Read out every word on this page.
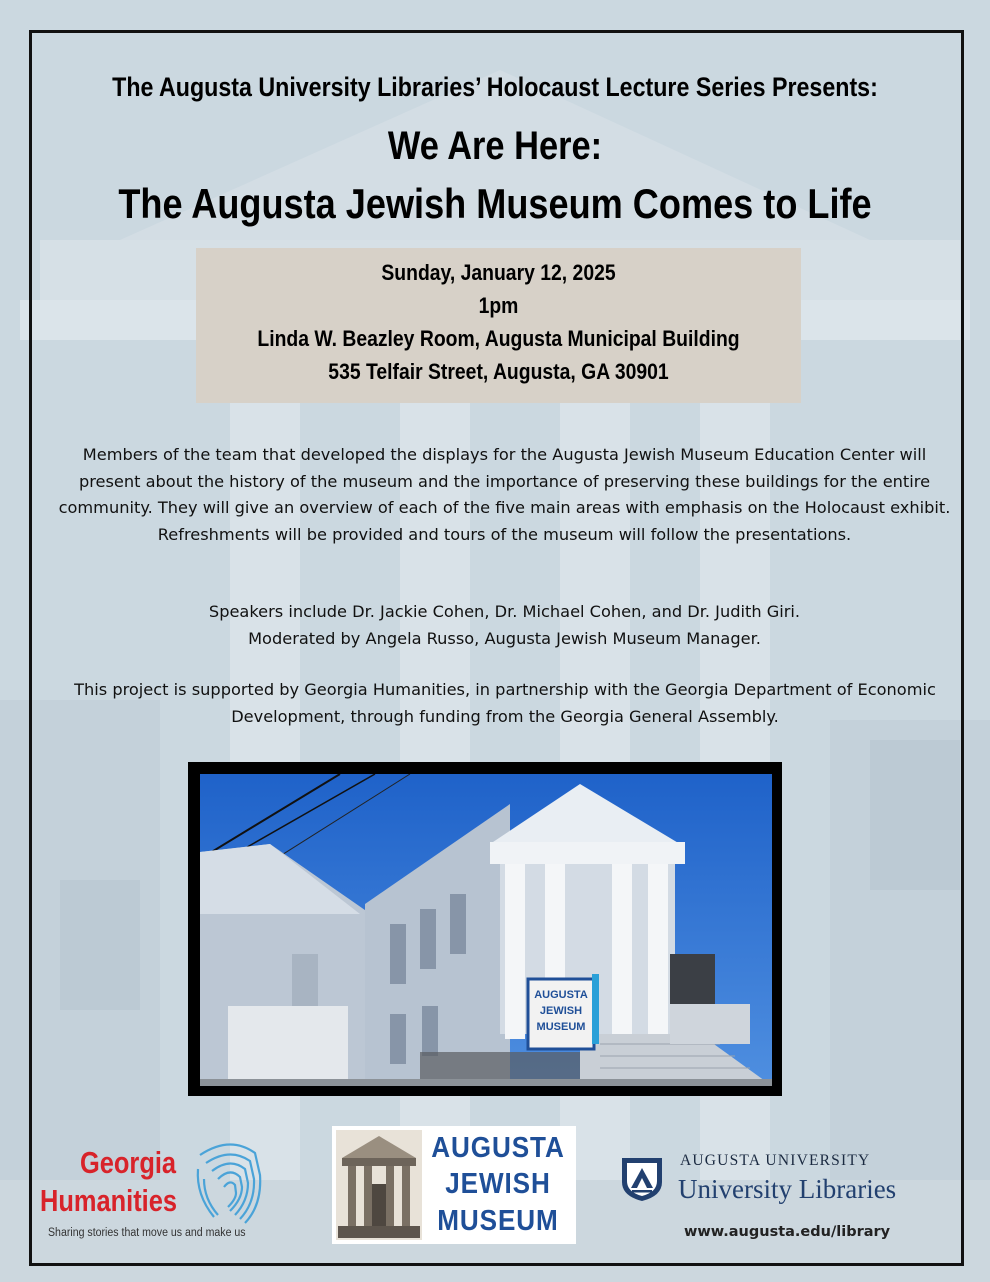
The Augusta University Libraries’ Holocaust Lecture Series Presents:
We Are Here:
The Augusta Jewish Museum Comes to Life
Sunday, January 12, 2025
1pm
Linda W. Beazley Room, Augusta Municipal Building
535 Telfair Street, Augusta, GA 30901

Members of the team that developed the displays for the Augusta Jewish Museum Education Center will present about the history of the museum and the importance of preserving these buildings for the entire community. They will give an overview of each of the five main areas with emphasis on the Holocaust exhibit. Refreshments will be provided and tours of the museum will follow the presentations.

Speakers include Dr. Jackie Cohen, Dr. Michael Cohen, and Dr. Judith Giri.

Moderated by Angela Russo, Augusta Jewish Museum Manager.

This project is supported by Georgia Humanities, in partnership with the Georgia Department of Economic Development, through funding from the Georgia General Assembly.

AUGUSTA
JEWISH
MUSEUM
Georgia
Humanities
Sharing stories that move us and make us
AUGUSTA
JEWISH
MUSEUM
AUGUSTA UNIVERSITY
University Libraries
www.augusta.edu/library
